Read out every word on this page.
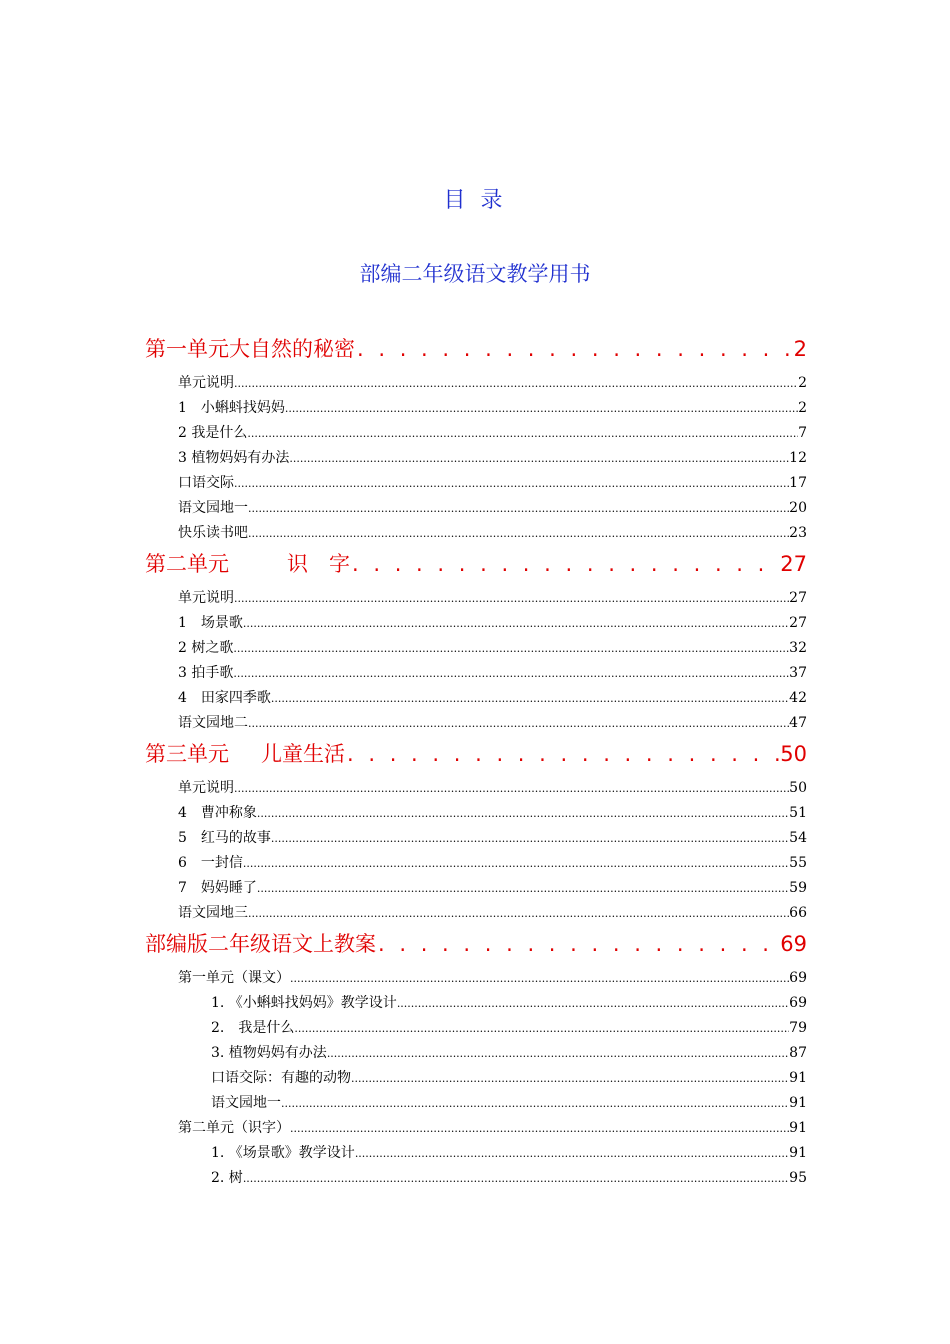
目 录
部编二年级语文教学用书
第一单元 大自然的秘密 . . .	2
单元说明 .....	2
1　小蝌蚪找妈妈 .....	2
2 我是什么 .....	7
3 植物妈妈有办法 .....	12
口语交际 .....	17
语文园地一 .....	20
快乐读书吧 .....	23
第二单元	识　字 . . .	27
单元说明 .....	27
1　场景歌 .....	27
2 树之歌 .....	32
3 拍手歌 .....	37
4　田家四季歌 .....	42
语文园地二 .....	47
第三单元	儿童生活 . . .	50
单元说明 .....	50
4　曹冲称象 .....	51
5　红马的故事 .....	54
6　一封信 .....	55
7　妈妈睡了 .....	59
语文园地三 .....	66
部编版二年级语文上教案 . . .	69
第一单元（课文） .....	69
1. 《小蝌蚪找妈妈》教学设计 .....	69
2.　我是什么 .....	79
3. 植物妈妈有办法 .....	87
口语交际：有趣的动物 .....	91
语文园地一 .....	91
第二单元（识字） .....	91
1. 《场景歌》教学设计 .....	91
2. 树 .....	95
